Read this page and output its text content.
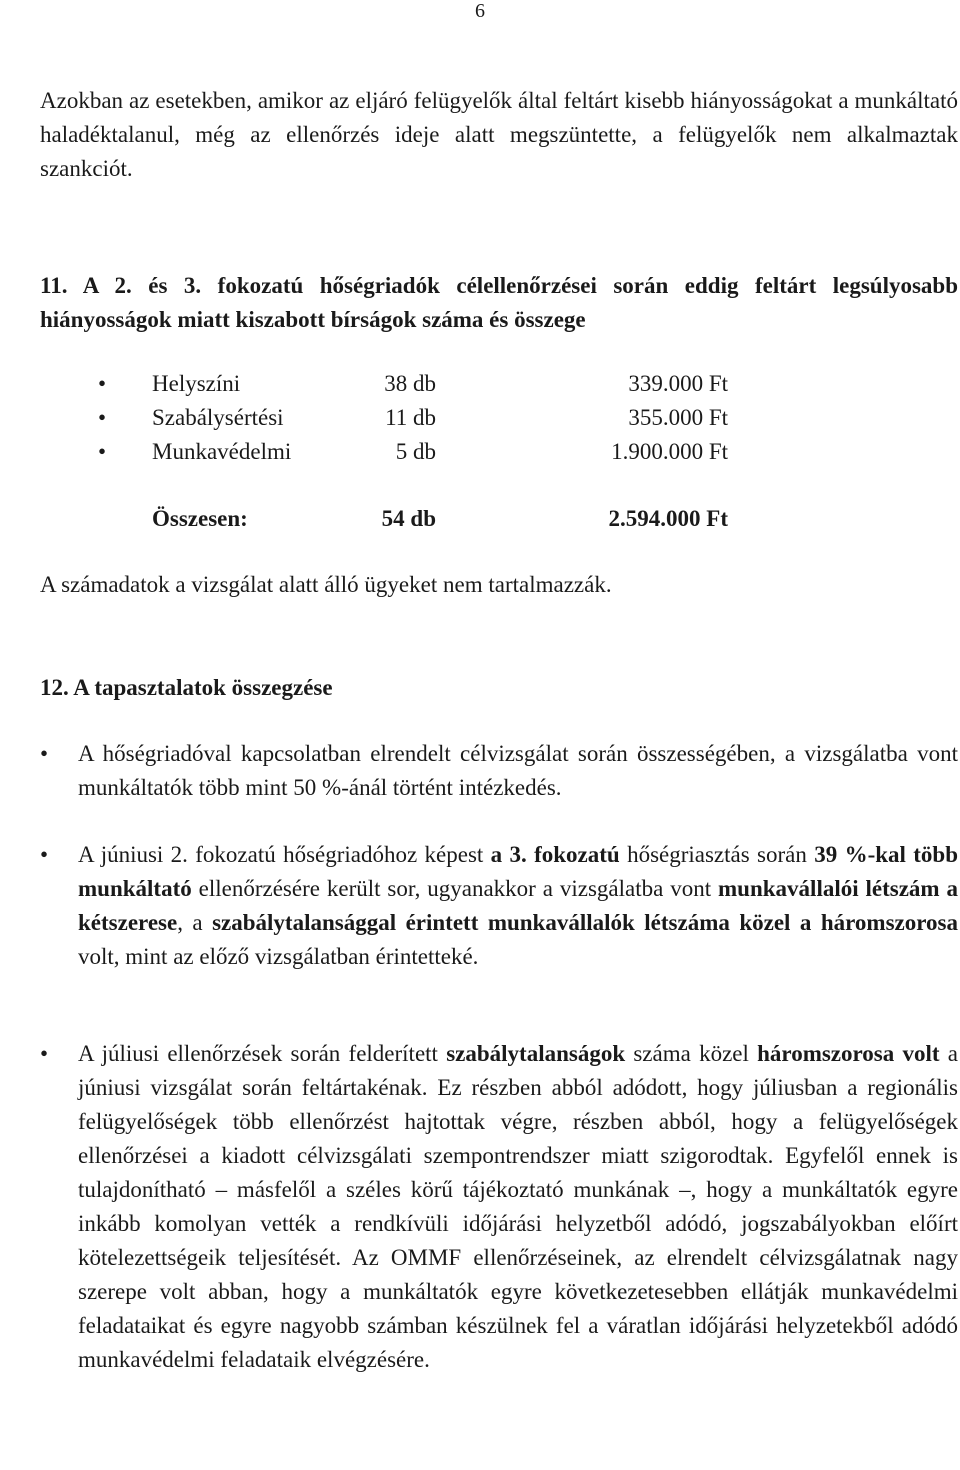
6

Azokban az esetekben, amikor az eljáró felügyelők által feltárt kisebb hiányosságokat a munkáltató haladéktalanul, még az ellenőrzés ideje alatt megszüntette, a felügyelők nem alkalmaztak szankciót.

11. A 2. és 3. fokozatú hőségriadók célellenőrzései során eddig feltárt legsúlyosabb hiányosságok miatt kiszabott bírságok száma és összege

• Helyszíni	38 db	339.000 Ft
• Szabálysértési	11 db	355.000 Ft
• Munkavédelmi	5 db	1.900.000 Ft
Összesen:	54 db	2.594.000 Ft

A számadatok a vizsgálat alatt álló ügyeket nem tartalmazzák.

12. A tapasztalatok összegzése

• A hőségriadóval kapcsolatban elrendelt célvizsgálat során összességében, a vizsgálatba vont munkáltatók több mint 50 %-ánál történt intézkedés.

• A júniusi 2. fokozatú hőségriadóhoz képest a 3. fokozatú hőségriasztás során 39 %-kal több munkáltató ellenőrzésére került sor, ugyanakkor a vizsgálatba vont munkavállalói létszám a kétszerese, a szabálytalansággal érintett munkavállalók létszáma közel a háromszorosa volt, mint az előző vizsgálatban érintetteké.

• A júliusi ellenőrzések során felderített szabálytalanságok száma közel háromszorosa volt a júniusi vizsgálat során feltártakénak. Ez részben abból adódott, hogy júliusban a regionális felügyelőségek több ellenőrzést hajtottak végre, részben abból, hogy a felügyelőségek ellenőrzései a kiadott célvizsgálati szempontrendszer miatt szigorodtak. Egyfelől ennek is tulajdonítható – másfelől a széles körű tájékoztató munkának –, hogy a munkáltatók egyre inkább komolyan vették a rendkívüli időjárási helyzetből adódó, jogszabályokban előírt kötelezettségeik teljesítését. Az OMMF ellenőrzéseinek, az elrendelt célvizsgálatnak nagy szerepe volt abban, hogy a munkáltatók egyre következetesebben ellátják munkavédelmi feladataikat és egyre nagyobb számban készülnek fel a váratlan időjárási helyzetekből adódó munkavédelmi feladataik elvégzésére.
